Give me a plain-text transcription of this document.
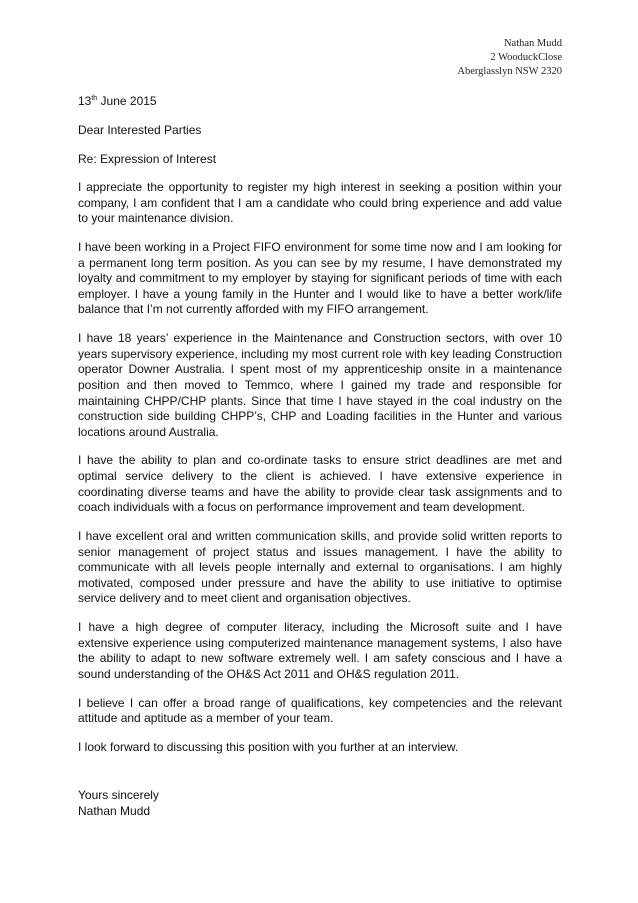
Nathan Mudd
2 WooduckClose
Aberglasslyn NSW 2320
13th June 2015
Dear Interested Parties
Re: Expression of Interest

I appreciate the opportunity to register my high interest in seeking a position within your company, I am confident that I am a candidate who could bring experience and add value to your maintenance division.

I have been working in a Project FIFO environment for some time now and I am looking for a permanent long term position. As you can see by my resume, I have demonstrated my loyalty and commitment to my employer by staying for significant periods of time with each employer. I have a young family in the Hunter and I would like to have a better work/life balance that I’m not currently afforded with my FIFO arrangement.

I have 18 years’ experience in the Maintenance and Construction sectors, with over 10 years supervisory experience, including my most current role with key leading Construction operator Downer Australia. I spent most of my apprenticeship onsite in a maintenance position and then moved to Temmco, where I gained my trade and responsible for maintaining CHPP/CHP plants. Since that time I have stayed in the coal industry on the construction side building CHPP’s, CHP and Loading facilities in the Hunter and various locations around Australia.

I have the ability to plan and co-ordinate tasks to ensure strict deadlines are met and optimal service delivery to the client is achieved. I have extensive experience in coordinating diverse teams and have the ability to provide clear task assignments and to coach individuals with a focus on performance improvement and team development.

I have excellent oral and written communication skills, and provide solid written reports to senior management of project status and issues management. I have the ability to communicate with all levels people internally and external to organisations. I am highly motivated, composed under pressure and have the ability to use initiative to optimise service delivery and to meet client and organisation objectives.

I have a high degree of computer literacy, including the Microsoft suite and I have extensive experience using computerized maintenance management systems, I also have the ability to adapt to new software extremely well. I am safety conscious and I have a sound understanding of the OH&S Act 2011 and OH&S regulation 2011.

I believe I can offer a broad range of qualifications, key competencies and the relevant attitude and aptitude as a member of your team.

I look forward to discussing this position with you further at an interview.

Yours sincerely
Nathan Mudd
